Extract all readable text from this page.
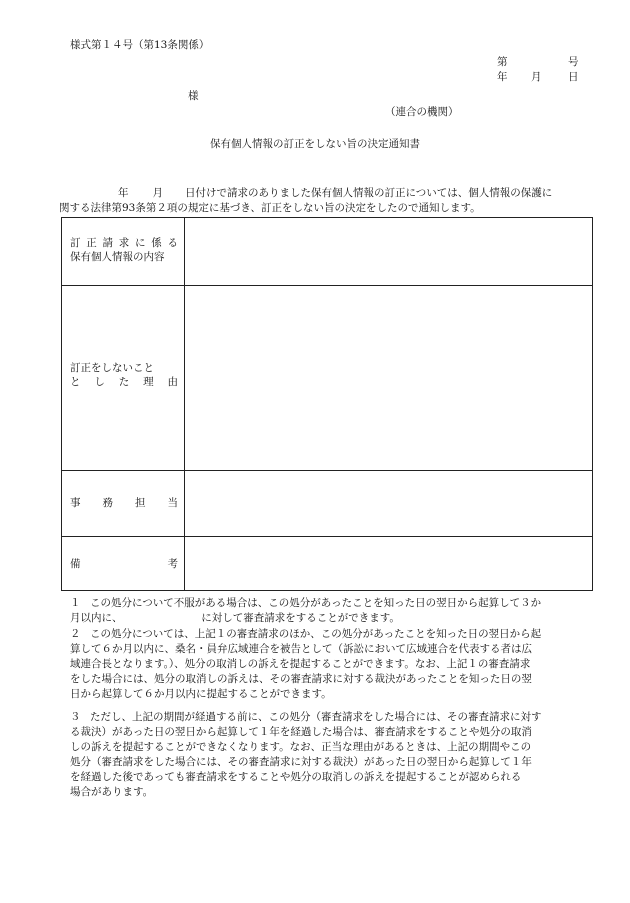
様式第１４号（第13条関係）
第	号
年 月	日
様
（連合の機関）
保有個人情報の訂正をしない旨の決定通知書
年 月 日付けで請求のありました保有個人情報の訂正については、個人情報の保護に
関する法律第93条第２項の規定に基づき、訂正をしない旨の決定をしたので通知します。
訂 正 請 求 に 係 る
保有個人情報の内容
訂正をしないこと
と し た 理 由
事 務 担 当
備	考
１ この処分について不服がある場合は、この処分があったことを知った日の翌日から起算して３か
月以内に、　　　　　　　　に対して審査請求をすることができます。
２ この処分については、上記１の審査請求のほか、この処分があったことを知った日の翌日から起
算して６か月以内に、桑名・員弁広域連合を被告として（訴訟において広域連合を代表する者は広
域連合長となります。）、処分の取消しの訴えを提起することができます。なお、上記１の審査請求
をした場合には、処分の取消しの訴えは、その審査請求に対する裁決があったことを知った日の翌
日から起算して６か月以内に提起することができます。
３ ただし、上記の期間が経過する前に、この処分（審査請求をした場合には、その審査請求に対す
る裁決）があった日の翌日から起算して１年を経過した場合は、審査請求をすることや処分の取消
しの訴えを提起することができなくなります。なお、正当な理由があるときは、上記の期間やこの
処分（審査請求をした場合には、その審査請求に対する裁決）があった日の翌日から起算して１年
を経過した後であっても審査請求をすることや処分の取消しの訴えを提起することが認められる
場合があります。
